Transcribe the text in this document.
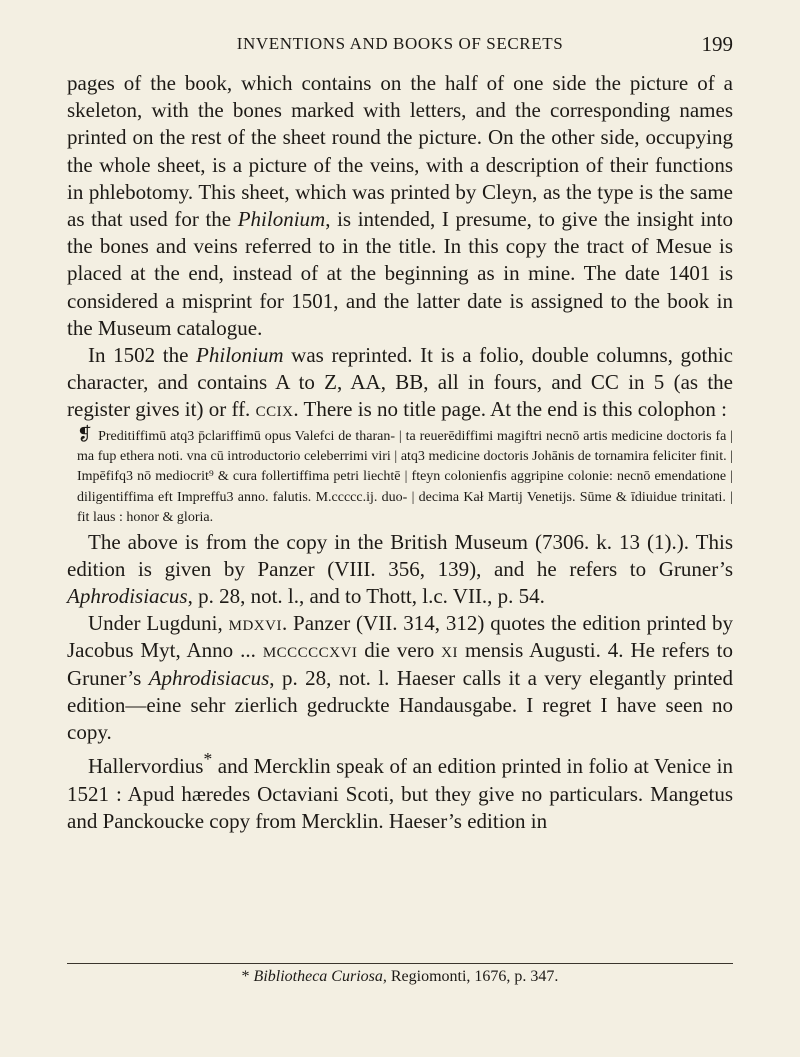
INVENTIONS AND BOOKS OF SECRETS	199

pages of the book, which contains on the half of one side the picture of a skeleton, with the bones marked with letters, and the corresponding names printed on the rest of the sheet round the picture. On the other side, occupying the whole sheet, is a picture of the veins, with a description of their functions in phlebotomy. This sheet, which was printed by Cleyn, as the type is the same as that used for the Philonium, is intended, I presume, to give the insight into the bones and veins referred to in the title. In this copy the tract of Mesue is placed at the end, instead of at the beginning as in mine. The date 1401 is considered a misprint for 1501, and the latter date is assigned to the book in the Museum catalogue.

In 1502 the Philonium was reprinted. It is a folio, double columns, gothic character, and contains A to Z, AA, BB, all in fours, and CC in 5 (as the register gives it) or ff. ccix. There is no title page. At the end is this colophon :

❡ Preditiffimū atq3 p̄clariffimū opus Valefci de tharan- | ta reuerēdiffimi magiftri necnō artis medicine doctoris fa | ma fup ethera noti. vna cū introductorio celeberrimi viri | atq3 medicine doctoris Johānis de tornamira feliciter finit. | Impēfifq3 nō mediocrit⁹ & cura follertiffima petri liechtē | fteyn colonienfis aggripine colonie: necnō emendatione | diligentiffima eft Impreffu3 anno. falutis. M.ccccc.ij. duo- | decima Kał Martij Venetijs. Sūme & īdiuidue trinitati. | fit laus : honor & gloria.

The above is from the copy in the British Museum (7306. k. 13 (1).). This edition is given by Panzer (VIII. 356, 139), and he refers to Gruner’s Aphrodisiacus, p. 28, not. l., and to Thott, l.c. VII., p. 54.

Under Lugduni, mdxvi. Panzer (VII. 314, 312) quotes the edition printed by Jacobus Myt, Anno ... mcccccxvi die vero xi mensis Augusti. 4. He refers to Gruner’s Aphrodisiacus, p. 28, not. l. Haeser calls it a very elegantly printed edition—eine sehr zierlich gedruckte Handausgabe. I regret I have seen no copy.

Hallervordius* and Mercklin speak of an edition printed in folio at Venice in 1521 : Apud hæredes Octaviani Scoti, but they give no particulars. Mangetus and Panckoucke copy from Mercklin. Haeser’s edition in

* Bibliotheca Curiosa, Regiomonti, 1676, p. 347.
